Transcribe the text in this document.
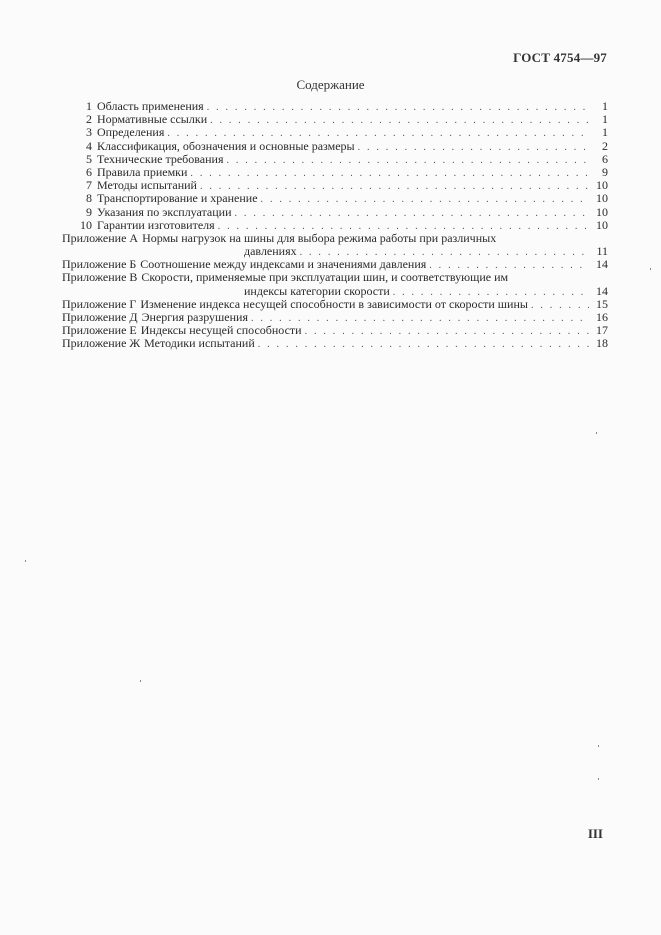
ГОСТ 4754—97
Содержание
1 Область применения . . .	1
2 Нормативные ссылки . . .	1
3 Определения . . .	1
4 Классификация, обозначения и основные размеры . . .	2
5 Технические требования . . .	6
6 Правила приемки . . .	9
7 Методы испытаний . . .	10
8 Транспортирование и хранение . . .	10
9 Указания по эксплуатации . . .	10
10 Гарантии изготовителя . . .	10
Приложение А Нормы нагрузок на шины для выбора режима работы при различных
давлениях . . .	11
Приложение Б Соотношение между индексами и значениями давления . . .	14
Приложение В Скорости, применяемые при эксплуатации шин, и соответствующие им
индексы категории скорости . . .	14
Приложение Г Изменение индекса несущей способности в зависимости от скорости шины . . .	15
Приложение Д Энергия разрушения . . .	16
Приложение Е Индексы несущей способности . . .	17
Приложение Ж Методики испытаний . . .	18
III
